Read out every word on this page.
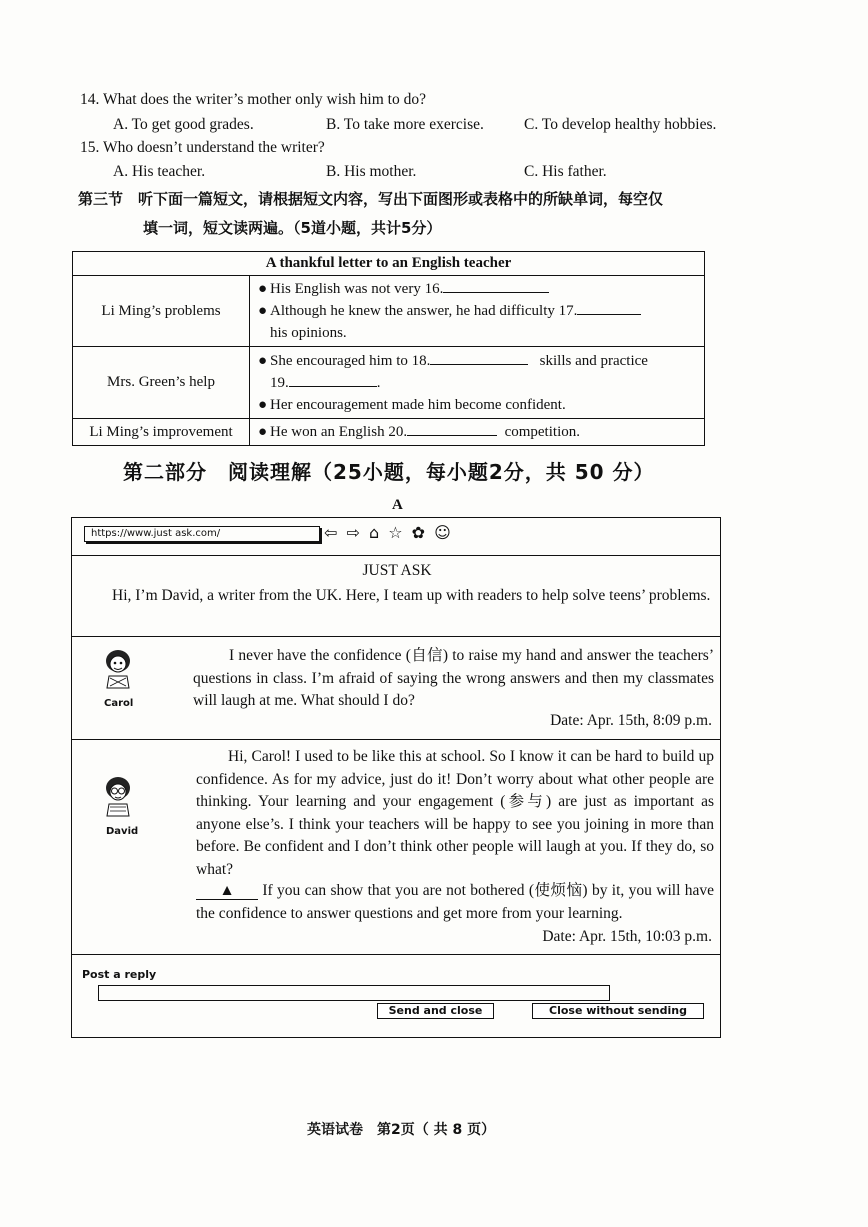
14. What does the writer’s mother only wish him to do?
A. To get good grades.	B. To take more exercise.	C. To develop healthy hobbies.
15. Who doesn’t understand the writer?
A. His teacher.	B. His mother.	C. His father.
第三节　听下面一篇短文，请根据短文内容，写出下面图形或表格中的所缺单词，每空仅
填一词，短文读两遍。（5道小题，共计5分）
A thankful letter to an English teacher	
Li Ming’s problems	● His English was not very 16.
● Although he knew the answer, he had difficulty 17.
his opinions.

Mrs. Green’s help	● She encouraged him to 18. skills and practice
19. .
● Her encouragement made him become confident.

Li Ming’s improvement	● He won an English 20. competition.
第二部分　阅读理解（25小题，每小题2分，共 50 分）
A
https://www.just ask.com/	⇦ ⇨ ⌂ ☆ ✿ ☺
JUST ASK
Hi, I’m David, a writer from the UK. Here, I team up with readers to help solve teens’ problems.
Carol
I never have the confidence (自信) to raise my hand and answer the teachers’ questions in class. I’m afraid of saying the wrong answers and then my classmates will laugh at me. What should I do?
Date: Apr. 15th, 8:09 p.m.
David
Hi, Carol! I used to be like this at school. So I know it can be hard to build up confidence. As for my advice, just do it! Don’t worry about what other people are thinking. Your learning and your engagement (参与) are just as important as anyone else’s. I think your teachers will be happy to see you joining in more than before. Be confident and I don’t think other people will laugh at you. If they do, so what?
▲ If you can show that you are not bothered (使烦恼) by it, you will have the confidence to answer questions and get more from your learning.
Date: Apr. 15th, 10:03 p.m.
Post a reply
Send and close	Close without sending
英语试卷　第2页（ 共 8 页）
